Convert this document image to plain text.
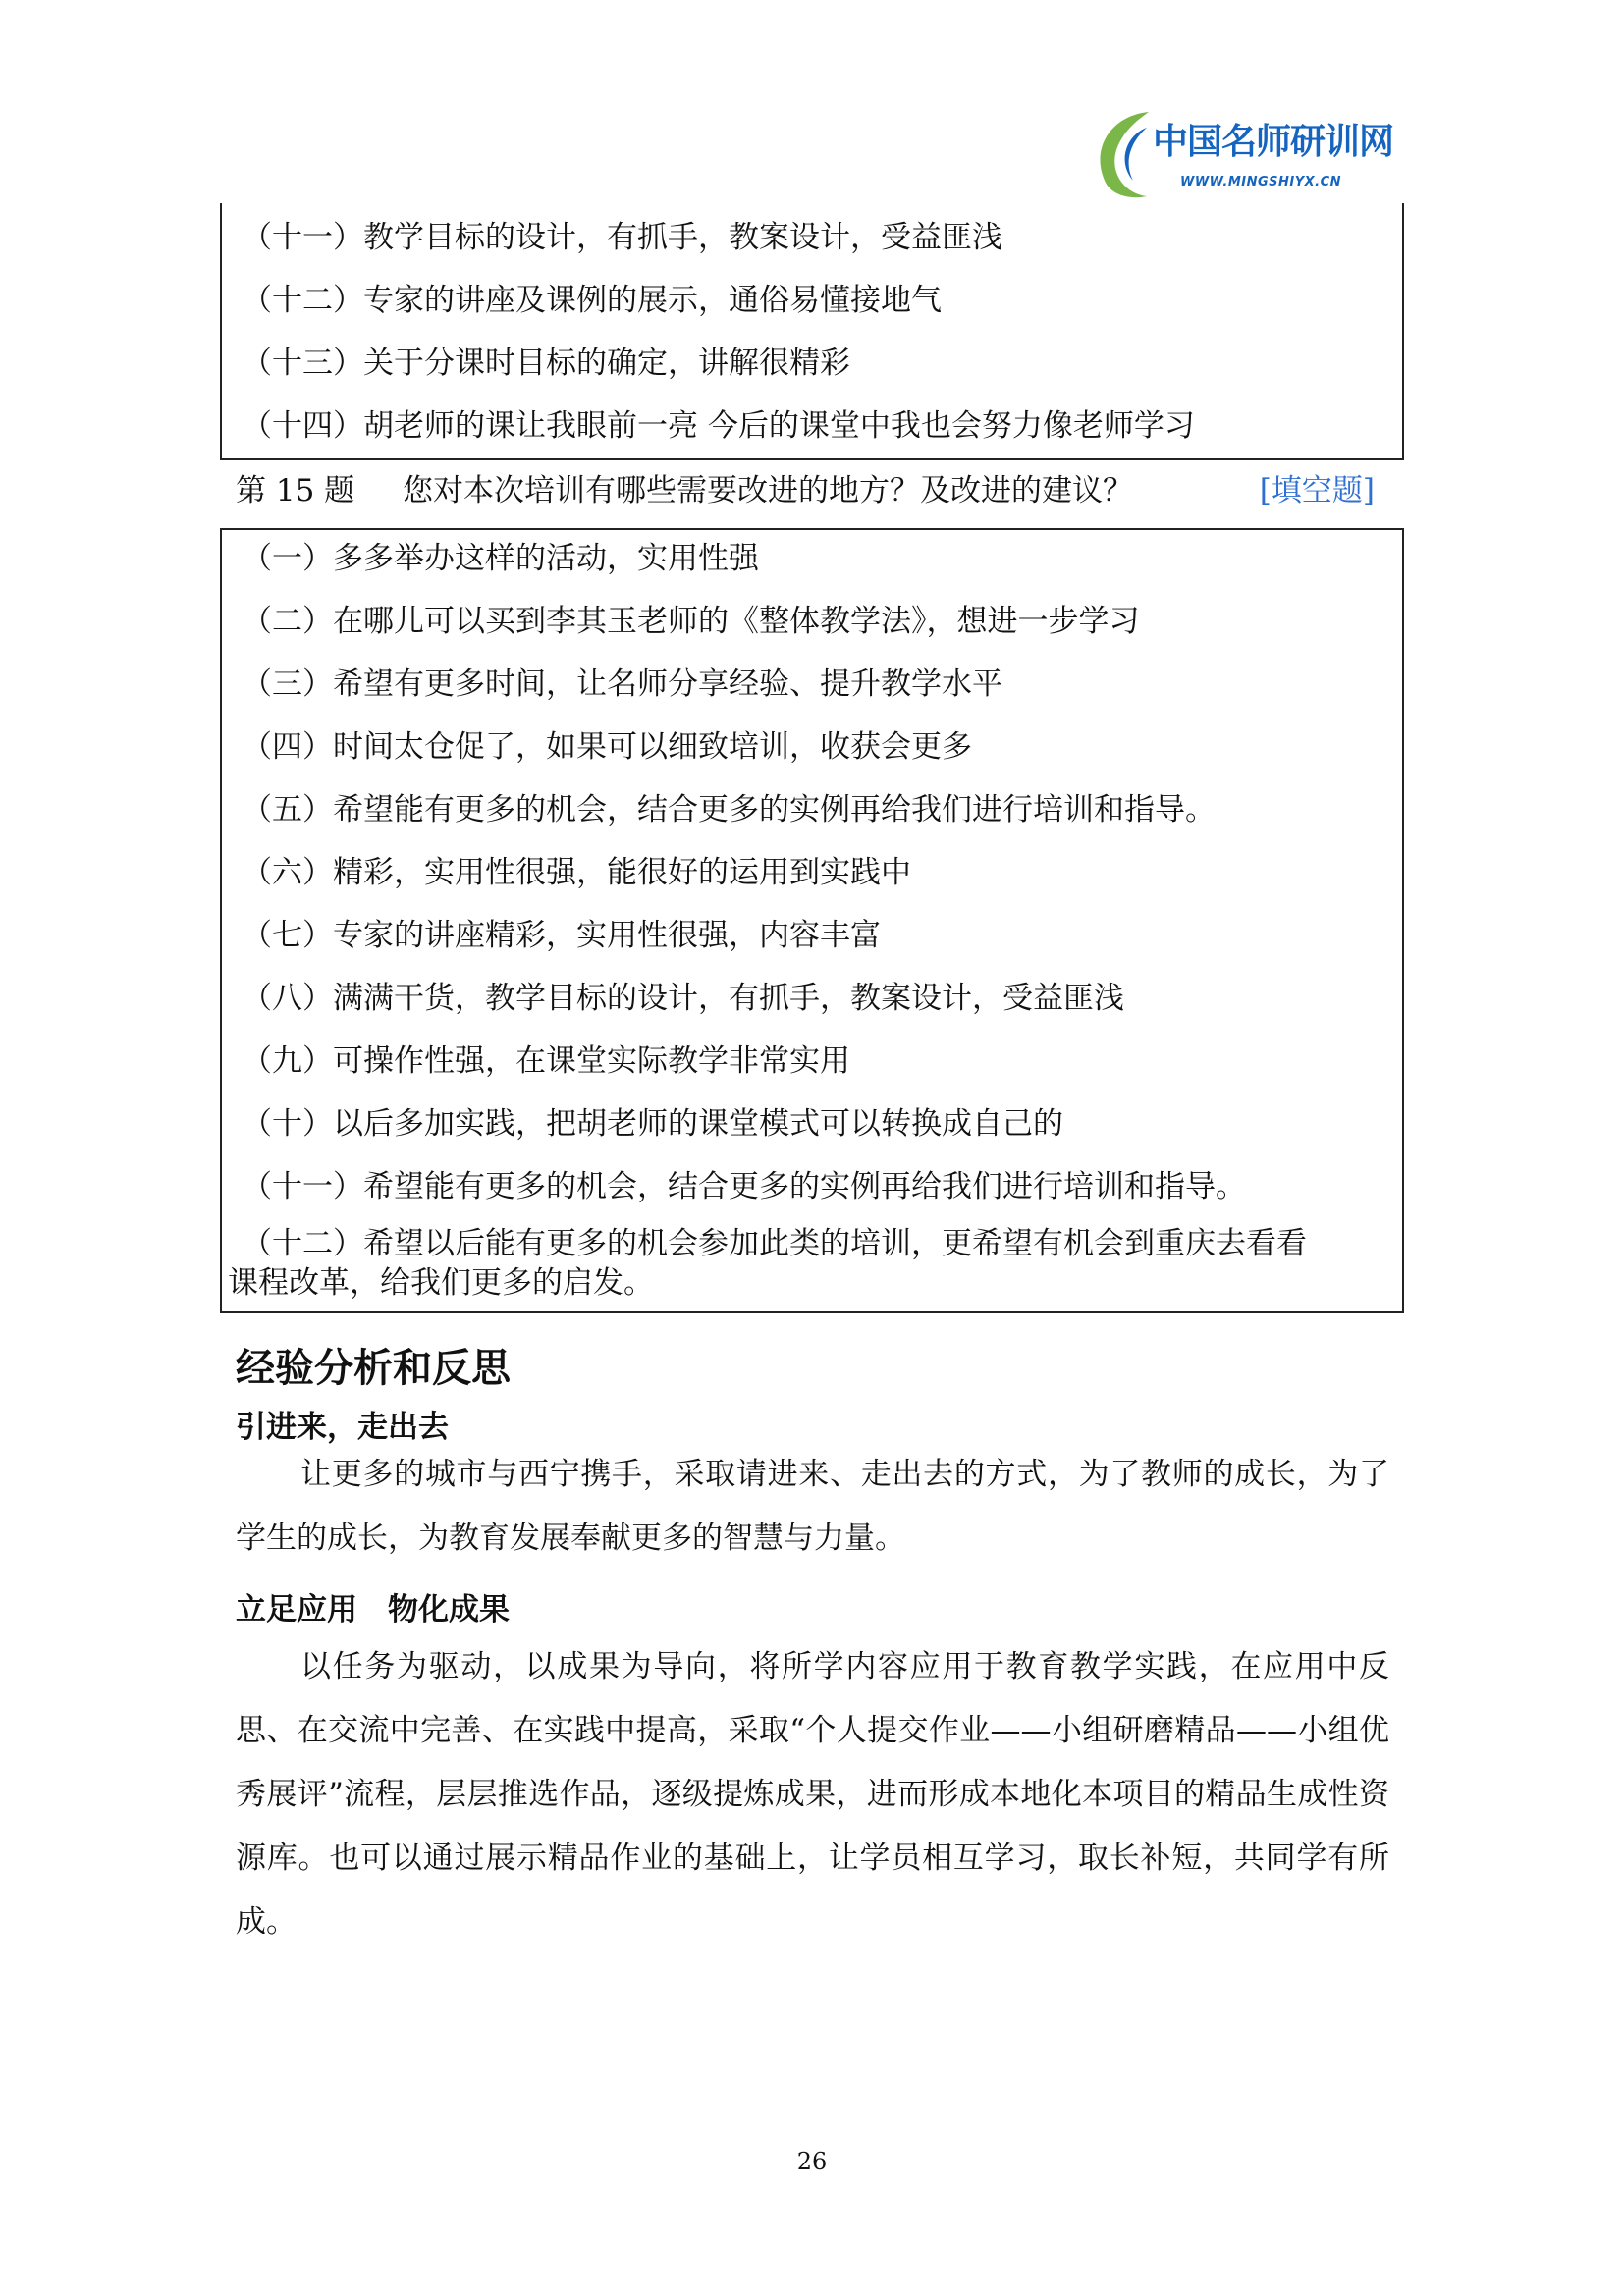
中国名师研训网
WWW.MINGSHIYX.CN
（十一）教学目标的设计，有抓手，教案设计，受益匪浅
（十二）专家的讲座及课例的展示，通俗易懂接地气
（十三）关于分课时目标的确定，讲解很精彩
（十四）胡老师的课让我眼前一亮 今后的课堂中我也会努力像老师学习
第 15 题 您对本次培训有哪些需要改进的地方？及改进的建议？	[填空题]
（一）多多举办这样的活动，实用性强
（二）在哪儿可以买到李其玉老师的《整体教学法》，想进一步学习
（三）希望有更多时间，让名师分享经验、提升教学水平
（四）时间太仓促了，如果可以细致培训，收获会更多
（五）希望能有更多的机会，结合更多的实例再给我们进行培训和指导。
（六）精彩，实用性很强，能很好的运用到实践中
（七）专家的讲座精彩，实用性很强，内容丰富
（八）满满干货，教学目标的设计，有抓手，教案设计，受益匪浅
（九）可操作性强，在课堂实际教学非常实用
（十）以后多加实践，把胡老师的课堂模式可以转换成自己的
（十一）希望能有更多的机会，结合更多的实例再给我们进行培训和指导。
（十二）希望以后能有更多的机会参加此类的培训，更希望有机会到重庆去看看
课程改革，给我们更多的启发。
经验分析和反思
引进来，走出去
让更多的城市与西宁携手，采取请进来、走出去的方式，为了教师的成长，为了学生的成长，为教育发展奉献更多的智慧与力量。
立足应用　物化成果
以任务为驱动，以成果为导向，将所学内容应用于教育教学实践，在应用中反思、在交流中完善、在实践中提高，采取“个人提交作业——小组研磨精品——小组优秀展评”流程，层层推选作品，逐级提炼成果，进而形成本地化本项目的精品生成性资源库。也可以通过展示精品作业的基础上，让学员相互学习，取长补短，共同学有所成。
26
